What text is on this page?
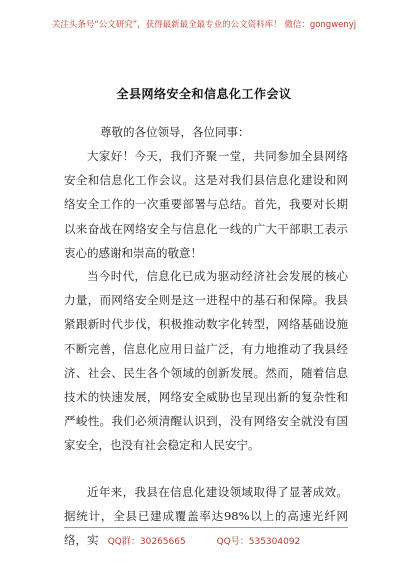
关注头条号“公文研究”，获得最新最全最专业的公文资料库！ 微信：gongwenyj
全县网络安全和信息化工作会议
尊敬的各位领导，各位同事：

大家好！今天，我们齐聚一堂，共同参加全县网络安全和信息化工作会议。这是对我们县信息化建设和网络安全工作的一次重要部署与总结。首先，我要对长期以来奋战在网络安全与信息化一线的广大干部职工表示衷心的感谢和崇高的敬意！

当今时代，信息化已成为驱动经济社会发展的核心力量，而网络安全则是这一进程中的基石和保障。我县紧跟新时代步伐，积极推动数字化转型，网络基础设施不断完善，信息化应用日益广泛，有力地推动了我县经济、社会、民生各个领域的创新发展。然而，随着信息技术的快速发展，网络安全威胁也呈现出新的复杂性和严峻性。我们必须清醒认识到，没有网络安全就没有国家安全，也没有社会稳定和人民安宁。

近年来，我县在信息化建设领域取得了显著成效。据统计，全县已建成覆盖率达98%以上的高速光纤网络，实	QQ群：30265665	QQ号：535304092
